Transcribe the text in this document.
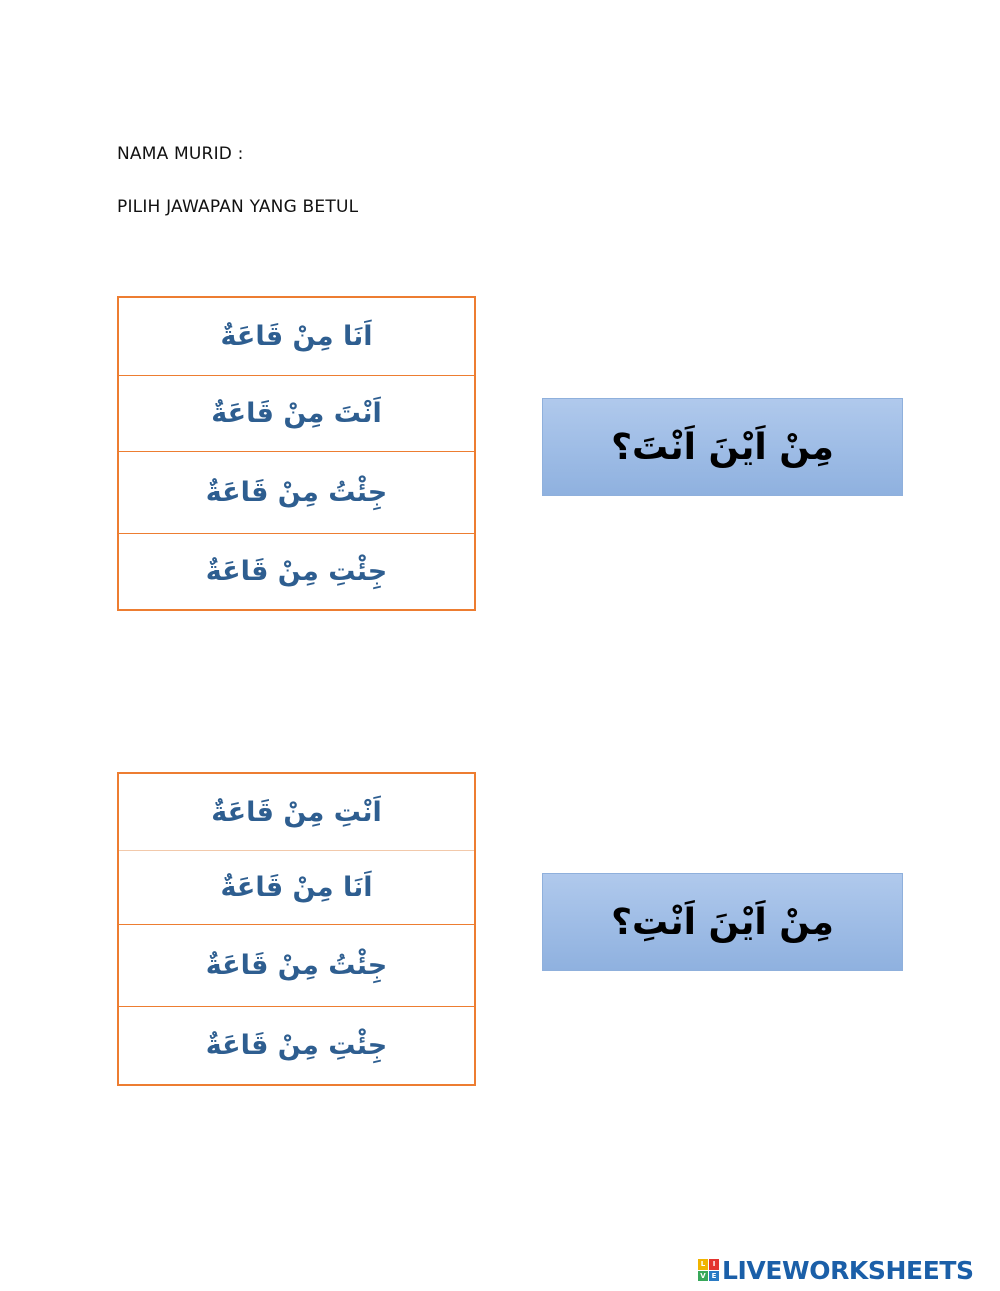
NAMA MURID :
PILIH JAWAPAN YANG BETUL
اَنَا مِنْ قَاعَةٌ
اَنْتَ مِنْ قَاعَةٌ
جِئْتُ مِنْ قَاعَةٌ
جِئْتِ مِنْ قَاعَةٌ
مِنْ اَيْنَ اَنْتَ؟
اَنْتِ مِنْ قَاعَةٌ
اَنَا مِنْ قَاعَةٌ
جِئْتُ مِنْ قَاعَةٌ
جِئْتِ مِنْ قَاعَةٌ
مِنْ اَيْنَ اَنْتِ؟
L	I
V E LIVEWORKSHEETS
